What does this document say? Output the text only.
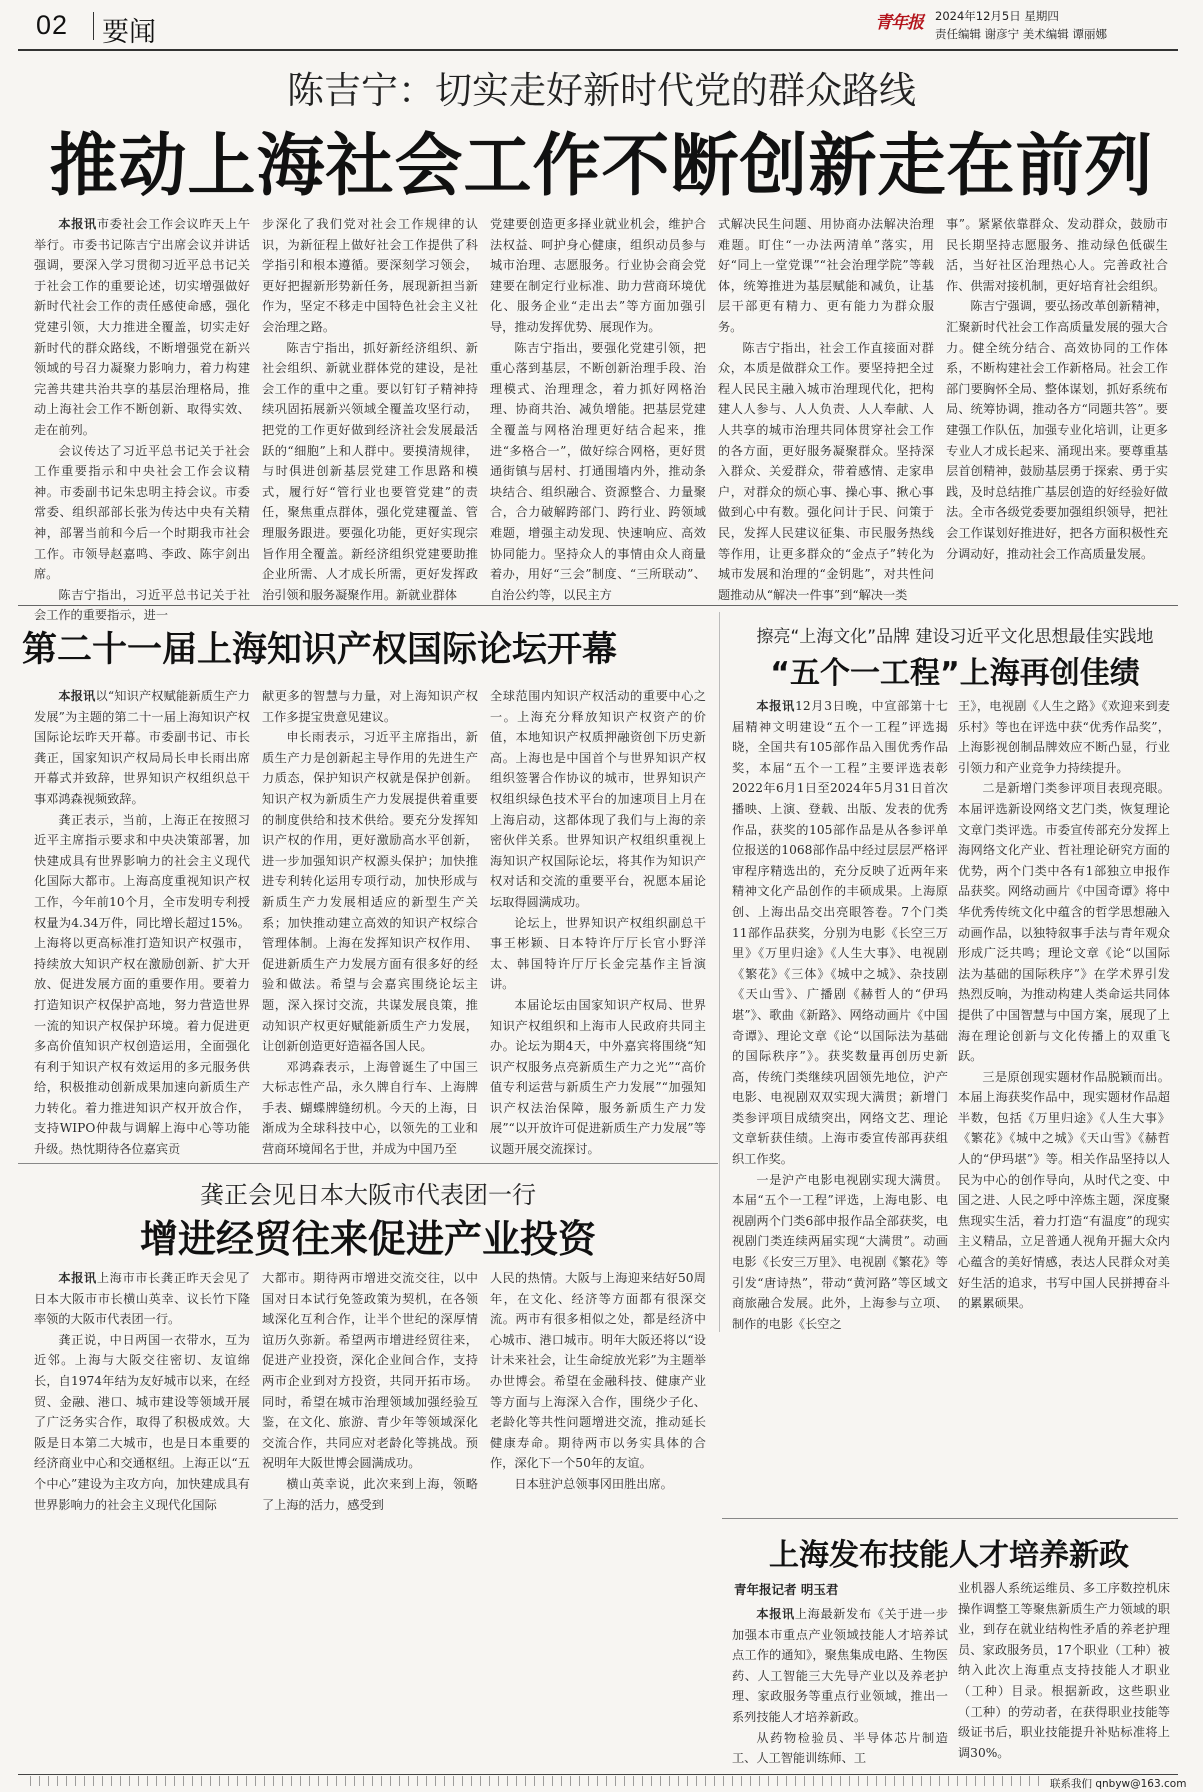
02 要闻	青年报 2024年12月5日 星期四
责任编辑 谢彦宁 美术编辑 谭丽娜
陈吉宁：切实走好新时代党的群众路线
推动上海社会工作不断创新走在前列

本报讯市委社会工作会议昨天上午举行。市委书记陈吉宁出席会议并讲话强调，要深入学习贯彻习近平总书记关于社会工作的重要论述，切实增强做好新时代社会工作的责任感使命感，强化党建引领，大力推进全覆盖，切实走好新时代的群众路线，不断增强党在新兴领域的号召力凝聚力影响力，着力构建完善共建共治共享的基层治理格局，推动上海社会工作不断创新、取得实效、走在前列。

会议传达了习近平总书记关于社会工作重要指示和中央社会工作会议精神。市委副书记朱忠明主持会议。市委常委、组织部部长张为传达中央有关精神，部署当前和今后一个时期我市社会工作。市领导赵嘉鸣、李政、陈宇剑出席。

陈吉宁指出，习近平总书记关于社会工作的重要指示，进一

步深化了我们党对社会工作规律的认识，为新征程上做好社会工作提供了科学指引和根本遵循。要深刻学习领会，更好把握新形势新任务，展现新担当新作为，坚定不移走中国特色社会主义社会治理之路。

陈吉宁指出，抓好新经济组织、新社会组织、新就业群体党的建设，是社会工作的重中之重。要以钉钉子精神持续巩固拓展新兴领域全覆盖攻坚行动，把党的工作更好做到经济社会发展最活跃的“细胞”上和人群中。要摸清规律，与时俱进创新基层党建工作思路和模式，履行好“管行业也要管党建”的责任，聚焦重点群体，强化党建覆盖、管理服务跟进。要强化功能，更好实现宗旨作用全覆盖。新经济组织党建要助推企业所需、人才成长所需，更好发挥政治引领和服务凝聚作用。新就业群体

党建要创造更多择业就业机会，维护合法权益、呵护身心健康，组织动员参与城市治理、志愿服务。行业协会商会党建要在制定行业标准、助力营商环境优化、服务企业“走出去”等方面加强引导，推动发挥优势、展现作为。

陈吉宁指出，要强化党建引领，把重心落到基层，不断创新治理手段、治理模式、治理理念，着力抓好网格治理、协商共治、减负增能。把基层党建全覆盖与网格治理更好结合起来，推进“多格合一”，做好综合网格，更好贯通街镇与居村、打通围墙内外，推动条块结合、组织融合、资源整合、力量聚合，合力破解跨部门、跨行业、跨领域难题，增强主动发现、快速响应、高效协同能力。坚持众人的事情由众人商量着办，用好“三会”制度、“三所联动”、自治公约等，以民主方

式解决民生问题、用协商办法解决治理难题。盯住“一办法两清单”落实，用好“同上一堂党课”“社会治理学院”等载体，统筹推进为基层赋能和减负，让基层干部更有精力、更有能力为群众服务。

陈吉宁指出，社会工作直接面对群众，本质是做群众工作。要坚持把全过程人民民主融入城市治理现代化，把构建人人参与、人人负责、人人奉献、人人共享的城市治理共同体贯穿社会工作的各方面，更好服务凝聚群众。坚持深入群众、关爱群众，带着感情、走家串户，对群众的烦心事、操心事、揪心事做到心中有数。强化问计于民、问策于民，发挥人民建议征集、市民服务热线等作用，让更多群众的“金点子”转化为城市发展和治理的“金钥匙”，对共性问题推动从“解决一件事”到“解决一类

事”。紧紧依靠群众、发动群众，鼓励市民长期坚持志愿服务、推动绿色低碳生活，当好社区治理热心人。完善政社合作、供需对接机制，更好培育社会组织。

陈吉宁强调，要弘扬改革创新精神，汇聚新时代社会工作高质量发展的强大合力。健全统分结合、高效协同的工作体系，不断构建社会工作新格局。社会工作部门要胸怀全局、整体谋划，抓好系统布局、统筹协调，推动各方“同题共答”。要建强工作队伍，加强专业化培训，让更多专业人才成长起来、涌现出来。要尊重基层首创精神，鼓励基层勇于探索、勇于实践，及时总结推广基层创造的好经验好做法。全市各级党委要加强组织领导，把社会工作谋划好推进好，把各方面积极性充分调动好，推动社会工作高质量发展。

第二十一届上海知识产权国际论坛开幕

本报讯以“知识产权赋能新质生产力发展”为主题的第二十一届上海知识产权国际论坛昨天开幕。市委副书记、市长龚正，国家知识产权局局长申长雨出席开幕式并致辞，世界知识产权组织总干事邓鸿森视频致辞。

龚正表示，当前，上海正在按照习近平主席指示要求和中央决策部署，加快建成具有世界影响力的社会主义现代化国际大都市。上海高度重视知识产权工作，今年前10个月，全市发明专利授权量为4.34万件，同比增长超过15%。上海将以更高标准打造知识产权强市，持续放大知识产权在激励创新、扩大开放、促进发展方面的重要作用。要着力打造知识产权保护高地，努力营造世界一流的知识产权保护环境。着力促进更多高价值知识产权创造运用，全面强化有利于知识产权有效运用的多元服务供给，积极推动创新成果加速向新质生产力转化。着力推进知识产权开放合作，支持WIPO仲裁与调解上海中心等功能升级。热忱期待各位嘉宾贡

献更多的智慧与力量，对上海知识产权工作多提宝贵意见建议。

申长雨表示，习近平主席指出，新质生产力是创新起主导作用的先进生产力质态，保护知识产权就是保护创新。知识产权为新质生产力发展提供着重要的制度供给和技术供给。要充分发挥知识产权的作用，更好激励高水平创新，进一步加强知识产权源头保护；加快推进专利转化运用专项行动，加快形成与新质生产力发展相适应的新型生产关系；加快推动建立高效的知识产权综合管理体制。上海在发挥知识产权作用、促进新质生产力发展方面有很多好的经验和做法。希望与会嘉宾围绕论坛主题，深入探讨交流，共谋发展良策，推动知识产权更好赋能新质生产力发展，让创新创造更好造福各国人民。

邓鸿森表示，上海曾诞生了中国三大标志性产品，永久牌自行车、上海牌手表、蝴蝶牌缝纫机。今天的上海，日渐成为全球科技中心，以领先的工业和营商环境闻名于世，并成为中国乃至

全球范围内知识产权活动的重要中心之一。上海充分释放知识产权资产的价值，本地知识产权质押融资创下历史新高。上海也是中国首个与世界知识产权组织签署合作协议的城市，世界知识产权组织绿色技术平台的加速项目上月在上海启动，这都体现了我们与上海的亲密伙伴关系。世界知识产权组织重视上海知识产权国际论坛，将其作为知识产权对话和交流的重要平台，祝愿本届论坛取得圆满成功。

论坛上，世界知识产权组织副总干事王彬颖、日本特许厅厅长官小野洋太、韩国特许厅厅长金完基作主旨演讲。

本届论坛由国家知识产权局、世界知识产权组织和上海市人民政府共同主办。论坛为期4天，中外嘉宾将围绕“知识产权服务点亮新质生产力之光”“高价值专利运营与新质生产力发展”“加强知识产权法治保障，服务新质生产力发展”“以开放许可促进新质生产力发展”等议题开展交流探讨。

擦亮“上海文化”品牌 建设习近平文化思想最佳实践地
“五个一工程”上海再创佳绩

本报讯12月3日晚，中宣部第十七届精神文明建设“五个一工程”评选揭晓，全国共有105部作品入围优秀作品奖，本届“五个一工程”主要评选表彰2022年6月1日至2024年5月31日首次播映、上演、登载、出版、发表的优秀作品，获奖的105部作品是从各参评单位报送的1068部作品中经过层层严格评审程序精选出的，充分反映了近两年来精神文化产品创作的丰硕成果。上海原创、上海出品交出亮眼答卷。7个门类11部作品获奖，分别为电影《长空三万里》《万里归途》《人生大事》、电视剧《繁花》《三体》《城中之城》、杂技剧《天山雪》、广播剧《赫哲人的“伊玛堪”》、歌曲《新路》、网络动画片《中国奇谭》、理论文章《论“以国际法为基础的国际秩序”》。获奖数量再创历史新高，传统门类继续巩固领先地位，沪产电影、电视剧双双实现大满贯；新增门类参评项目成绩突出，网络文艺、理论文章斩获佳绩。上海市委宣传部再获组织工作奖。

一是沪产电影电视剧实现大满贯。本届“五个一工程”评选，上海电影、电视剧两个门类6部申报作品全部获奖，电视剧门类连续两届实现“大满贯”。动画电影《长安三万里》、电视剧《繁花》等引发“唐诗热”，带动“黄河路”等区域文商旅融合发展。此外，上海参与立项、制作的电影《长空之

王》，电视剧《人生之路》《欢迎来到麦乐村》等也在评选中获“优秀作品奖”，上海影视创制品牌效应不断凸显，行业引领力和产业竞争力持续提升。

二是新增门类参评项目表现亮眼。本届评选新设网络文艺门类，恢复理论文章门类评选。市委宣传部充分发挥上海网络文化产业、哲社理论研究方面的优势，两个门类中各有1部独立申报作品获奖。网络动画片《中国奇谭》将中华优秀传统文化中蕴含的哲学思想融入动画作品，以独特叙事手法与青年观众形成广泛共鸣；理论文章《论“以国际法为基础的国际秩序”》在学术界引发热烈反响，为推动构建人类命运共同体提供了中国智慧与中国方案，展现了上海在理论创新与文化传播上的双重飞跃。

三是原创现实题材作品脱颖而出。本届上海获奖作品中，现实题材作品超半数，包括《万里归途》《人生大事》《繁花》《城中之城》《天山雪》《赫哲人的“伊玛堪”》等。相关作品坚持以人民为中心的创作导向，从时代之变、中国之进、人民之呼中淬炼主题，深度聚焦现实生活，着力打造“有温度”的现实主义精品，立足普通人视角开掘大众内心蕴含的美好情感，表达人民群众对美好生活的追求，书写中国人民拼搏奋斗的累累硕果。

龚正会见日本大阪市代表团一行
增进经贸往来促进产业投资

本报讯上海市市长龚正昨天会见了日本大阪市市长横山英幸、议长竹下隆率领的大阪市代表团一行。

龚正说，中日两国一衣带水，互为近邻。上海与大阪交往密切、友谊绵长，自1974年结为友好城市以来，在经贸、金融、港口、城市建设等领域开展了广泛务实合作，取得了积极成效。大阪是日本第二大城市，也是日本重要的经济商业中心和交通枢纽。上海正以“五个中心”建设为主攻方向，加快建成具有世界影响力的社会主义现代化国际

大都市。期待两市增进交流交往，以中国对日本试行免签政策为契机，在各领域深化互利合作，让半个世纪的深厚情谊历久弥新。希望两市增进经贸往来，促进产业投资，深化企业间合作，支持两市企业到对方投资，共同开拓市场。同时，希望在城市治理领域加强经验互鉴，在文化、旅游、青少年等领域深化交流合作，共同应对老龄化等挑战。预祝明年大阪世博会圆满成功。

横山英幸说，此次来到上海，领略了上海的活力，感受到

人民的热情。大阪与上海迎来结好50周年，在文化、经济等方面都有很深交流。两市有很多相似之处，都是经济中心城市、港口城市。明年大阪还将以“设计未来社会，让生命绽放光彩”为主题举办世博会。希望在金融科技、健康产业等方面与上海深入合作，围绕少子化、老龄化等共性问题增进交流，推动延长健康寿命。期待两市以务实具体的合作，深化下一个50年的友谊。

日本驻沪总领事冈田胜出席。

上海发布技能人才培养新政
青年报记者 明玉君

本报讯上海最新发布《关于进一步加强本市重点产业领域技能人才培养试点工作的通知》，聚焦集成电路、生物医药、人工智能三大先导产业以及养老护理、家政服务等重点行业领域，推出一系列技能人才培养新政。

从药物检验员、半导体芯片制造工、人工智能训练师、工

业机器人系统运维员、多工序数控机床操作调整工等聚焦新质生产力领域的职业，到存在就业结构性矛盾的养老护理员、家政服务员，17个职业（工种）被纳入此次上海重点支持技能人才职业（工种）目录。根据新政，这些职业（工种）的劳动者，在获得职业技能等级证书后，职业技能提升补贴标准将上调30%。

联系我们 qnbyw@163.com
